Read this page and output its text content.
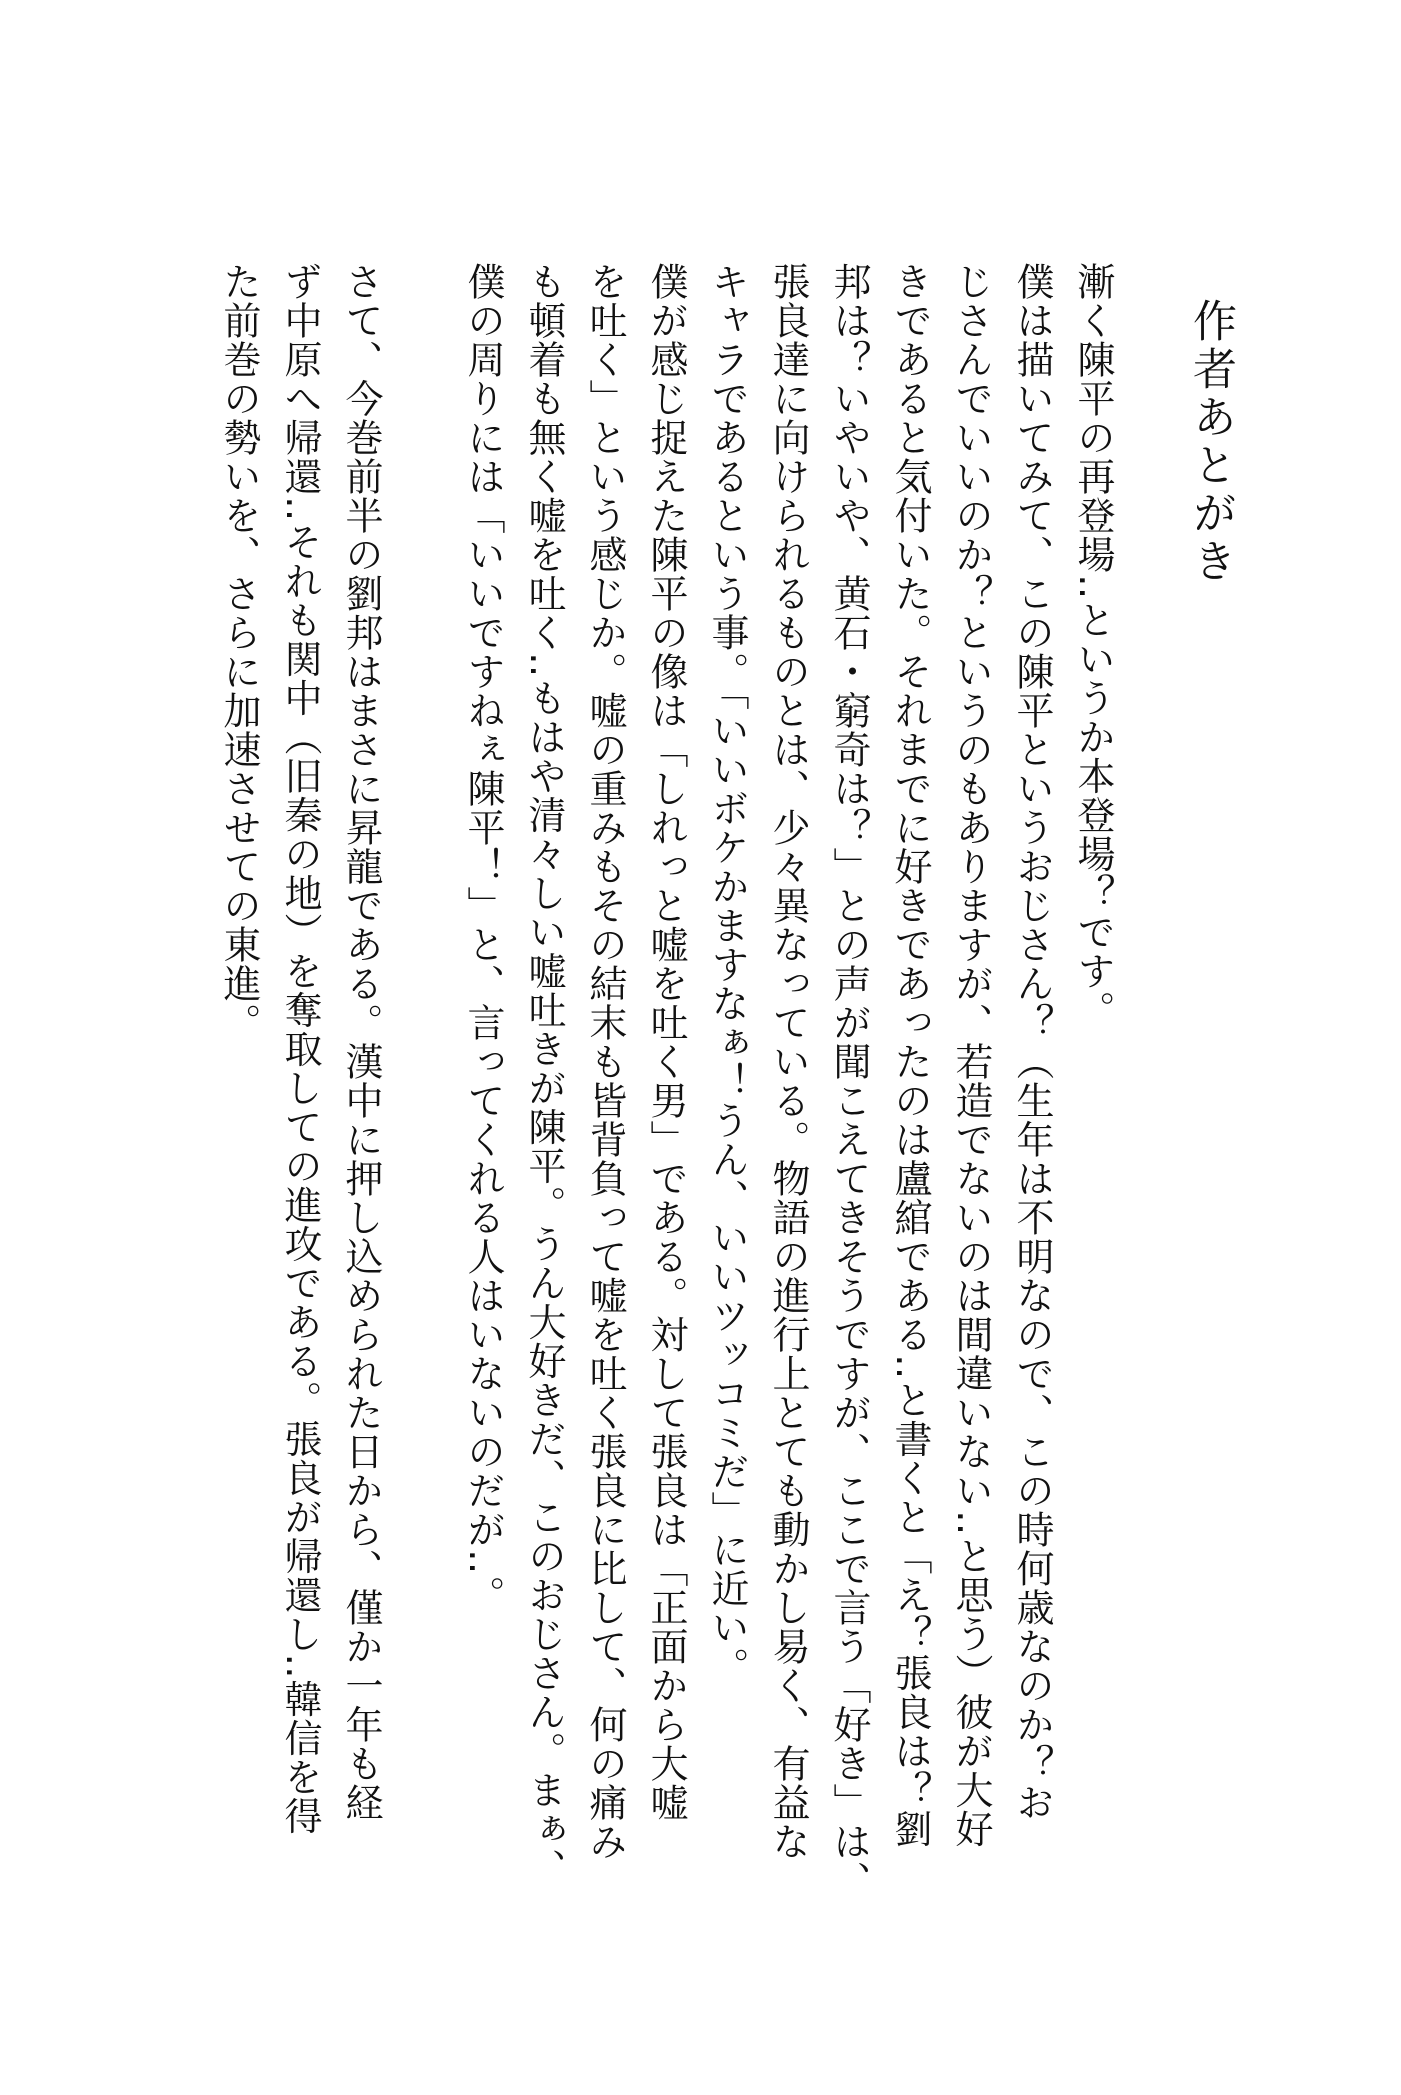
作者あとがき
漸く陳平の再登場‥というか本登場？です。
僕は描いてみて、この陳平というおじさん？（生年は不明なので、この時何歳なのか？お
じさんでいいのか？というのもありますが、若造でないのは間違いない‥と思う）彼が大好
きであると気付いた。それまでに好きであったのは盧綰である‥と書くと「え？張良は？劉
邦は？いやいや、黄石・窮奇は？」との声が聞こえてきそうですが、ここで言う「好き」は、
張良達に向けられるものとは、少々異なっている。物語の進行上とても動かし易く、有益な
キャラであるという事。「いいボケかますなぁ！うん、いいツッコミだ」に近い。
僕が感じ捉えた陳平の像は「しれっと嘘を吐く男」である。対して張良は「正面から大嘘
を吐く」という感じか。嘘の重みもその結末も皆背負って嘘を吐く張良に比して、何の痛み
も頓着も無く嘘を吐く‥もはや清々しい嘘吐きが陳平。うん大好きだ、このおじさん。まぁ、
僕の周りには「いいですねぇ陳平！」と、言ってくれる人はいないのだが‥。
さて、今巻前半の劉邦はまさに昇龍である。漢中に押し込められた日から、僅か一年も経
ず中原へ帰還‥それも関中（旧秦の地）を奪取しての進攻である。張良が帰還し‥韓信を得
た前巻の勢いを、さらに加速させての東進。
